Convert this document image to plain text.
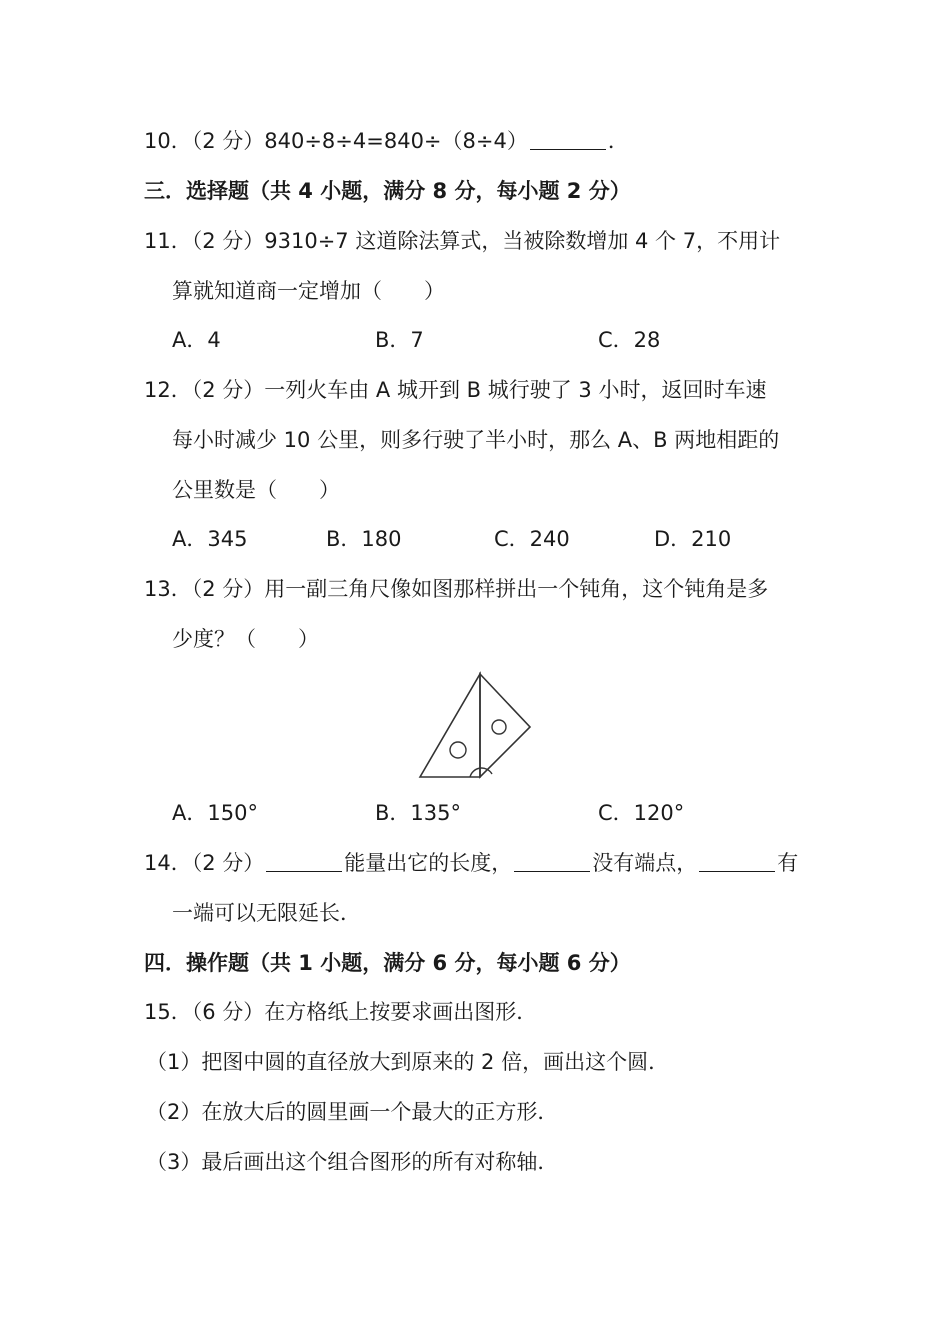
10．（2 分）840÷8÷4=840÷（8÷4）	．
三．选择题（共 4 小题，满分 8 分，每小题 2 分）
11．（2 分）9310÷7 这道除法算式，当被除数增加 4 个 7，不用计
算就知道商一定增加（　　）
A．4	B．7	C．28
12．（2 分）一列火车由 A 城开到 B 城行驶了 3 小时，返回时车速
每小时减少 10 公里，则多行驶了半小时，那么 A、B 两地相距的
公里数是（　　）
A．345	B．180	C．240	D．210
13．（2 分）用一副三角尺像如图那样拼出一个钝角，这个钝角是多
少度？（　　）
A．150°	B．135°	C．120°
14．（2 分）	能量出它的长度，	没有端点，	有
一端可以无限延长．
四．操作题（共 1 小题，满分 6 分，每小题 6 分）
15．（6 分）在方格纸上按要求画出图形．
（1）把图中圆的直径放大到原来的 2 倍，画出这个圆．
（2）在放大后的圆里画一个最大的正方形．
（3）最后画出这个组合图形的所有对称轴．
